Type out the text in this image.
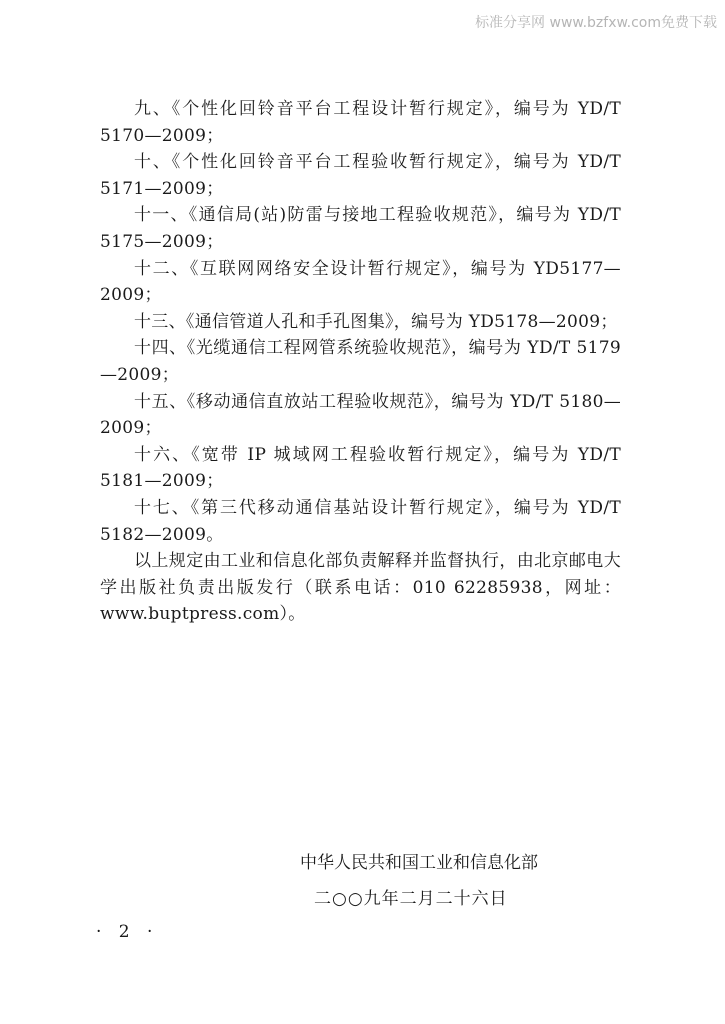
标准分享网 www.bzfxw.com免费下载

九、《个性化回铃音平台工程设计暂行规定》，编号为 YD/T 5170—2009；

十、《个性化回铃音平台工程验收暂行规定》，编号为 YD/T 5171—2009；

十一、《通信局(站)防雷与接地工程验收规范》，编号为 YD/T 5175—2009；

十二、《互联网网络安全设计暂行规定》，编号为 YD5177—2009；

十三、《通信管道人孔和手孔图集》，编号为 YD5178—2009；

十四、《光缆通信工程网管系统验收规范》，编号为 YD/T 5179—2009；

十五、《移动通信直放站工程验收规范》，编号为 YD/T 5180—2009；

十六、《宽带 IP 城域网工程验收暂行规定》，编号为 YD/T 5181—2009；

十七、《第三代移动通信基站设计暂行规定》，编号为 YD/T 5182—2009。

以上规定由工业和信息化部负责解释并监督执行，由北京邮电大学出版社负责出版发行（联系电话：010 62285938，网址：www.buptpress.com）。

中华人民共和国工业和信息化部
二○○九年二月二十六日
· 2 ·
